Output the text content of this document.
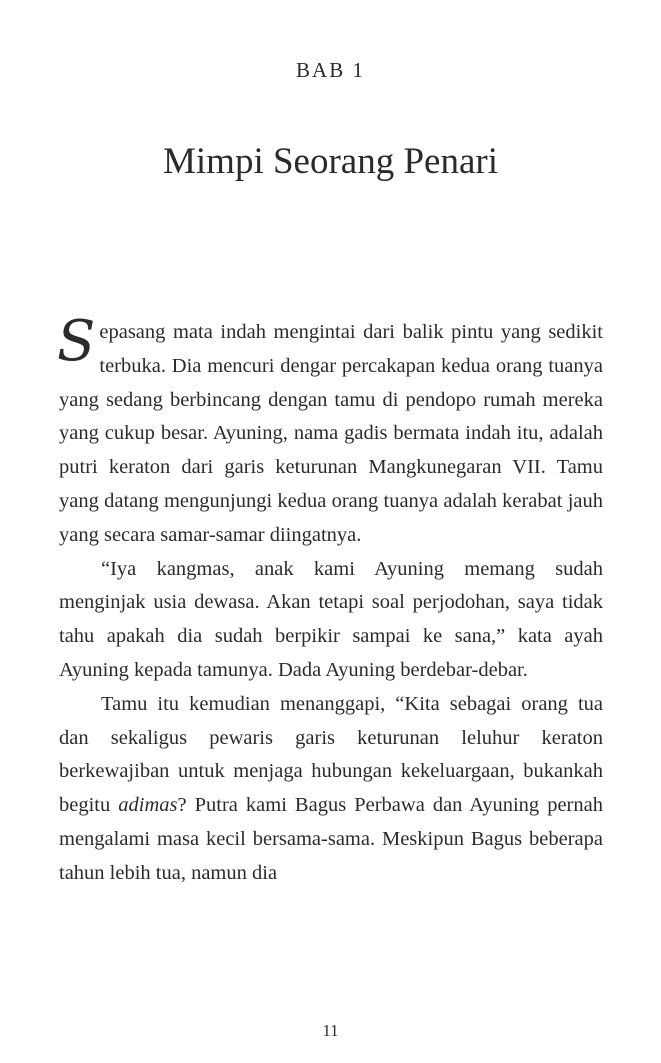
BAB 1
Mimpi Seorang Penari

Sepasang mata indah mengintai dari balik pintu yang sedikit terbuka. Dia mencuri dengar percakapan kedua orang tuanya yang sedang berbincang dengan tamu di pendopo rumah mereka yang cukup besar. Ayuning, nama gadis bermata indah itu, adalah putri keraton dari garis keturunan Mangkunegaran VII. Tamu yang datang mengunjungi kedua orang tuanya adalah kerabat jauh yang secara samar-samar diingatnya.

“Iya kangmas, anak kami Ayuning memang sudah menginjak usia dewasa. Akan tetapi soal perjodohan, saya tidak tahu apakah dia sudah berpikir sampai ke sana,” kata ayah Ayuning kepada tamunya. Dada Ayuning berdebar-debar.

Tamu itu kemudian menanggapi, “Kita sebagai orang tua dan sekaligus pewaris garis keturunan leluhur keraton berkewajiban untuk menjaga hubungan kekeluargaan, bukankah begitu adimas? Putra kami Bagus Perbawa dan Ayuning pernah mengalami masa kecil bersama-sama. Meskipun Bagus beberapa tahun lebih tua, namun dia

11
